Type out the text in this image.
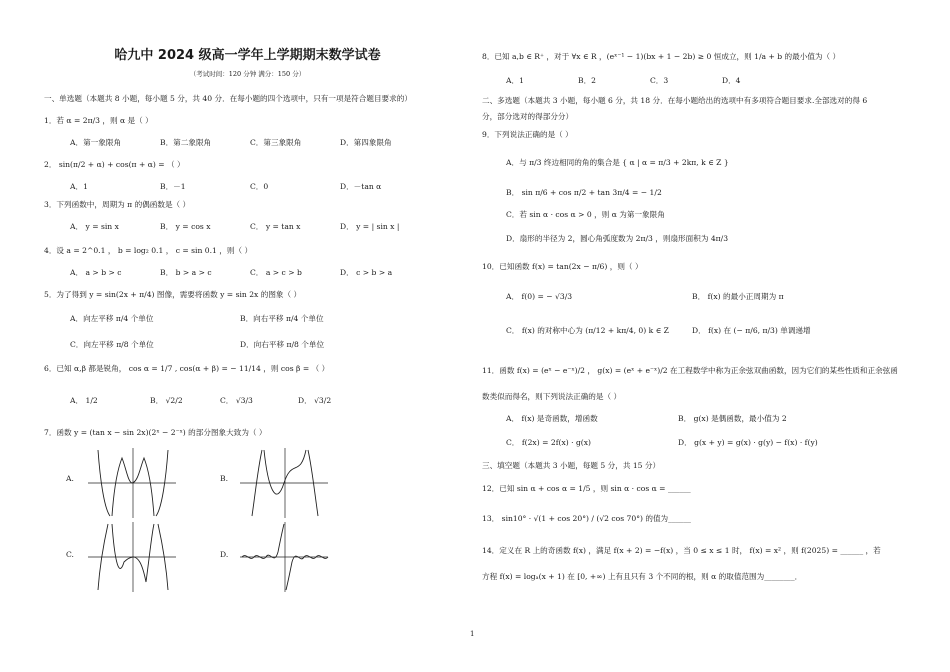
哈九中 2024 级高一学年上学期期末数学试卷
（考试时间：120 分钟 满分：150 分）
一、单选题（本题共 8 小题，每小题 5 分，共 40 分．在每小题的四个选项中，只有一项是符合题目要求的）
1．若 α = 2π/3 ，则 α 是（ ）
A．第一象限角	B．第二象限角	C．第三象限角	D．第四象限角
2． sin(π/2 + α) + cos(π + α) = （ ）
A．1	B．－1	C．0	D．－tan α
3．下列函数中，周期为 π 的偶函数是（ ）
A． y = sin x	B． y = cos x	C． y = tan x	D． y = | sin x |
4．设 a = 2^0.1 ， b = log₂ 0.1 ， c = sin 0.1 ，则（ ）
A． a > b > c	B． b > a > c	C． a > c > b	D． c > b > a
5．为了得到 y = sin(2x + π/4) 图像，需要将函数 y = sin 2x 的图象（ ）
A．向左平移 π/4 个单位	B．向右平移 π/4 个单位
C．向左平移 π/8 个单位	D．向右平移 π/8 个单位
6．已知 α,β 都是锐角， cos α = 1/7 , cos(α + β) = − 11/14 ，则 cos β = （ ）
A． 1/2	B． √2/2	C． √3/3	D． √3/2
7．函数 y = (tan x − sin 2x)(2ˣ − 2⁻ˣ) 的部分图象大致为（ ）
A.	B.
C.	D.
8．已知 a,b ∈ R⁺ ，对于 ∀x ∈ R ，(eˣ⁻¹ − 1)(bx + 1 − 2b) ≥ 0 恒成立，则 1/a + b 的最小值为（ ）
A．1	B．2	C．3	D．4
二、多选题（本题共 3 小题，每小题 6 分，共 18 分．在每小题给出的选项中有多项符合题目要求.全部选对的得 6
分，部分选对的得部分分）
9．下列说法正确的是（ ）
A．与 π/3 终边相同的角的集合是 { α | α = π/3 + 2kπ, k ∈ Z }
B． sin π/6 + cos π/2 + tan 3π/4 = − 1/2
C．若 sin α · cos α > 0 ，则 α 为第一象限角
D．扇形的半径为 2，圆心角弧度数为 2π/3 ，则扇形面积为 4π/3
10．已知函数 f(x) = tan(2x − π/6) ，则（ ）
A． f(0) = − √3/3	B． f(x) 的最小正周期为 π
C． f(x) 的对称中心为 (π/12 + kπ/4, 0) k ∈ Z	D． f(x) 在 (− π/6, π/3) 单调递增
11．函数 f(x) = (eˣ − e⁻ˣ)/2 ， g(x) = (eˣ + e⁻ˣ)/2 在工程数学中称为正余弦双曲函数，因为它们的某些性质和正余弦函
数类似而得名，则下列说法正确的是（ ）
A． f(x) 是奇函数，增函数	B． g(x) 是偶函数，最小值为 2
C． f(2x) = 2f(x) · g(x)	D． g(x + y) = g(x) · g(y) − f(x) · f(y)
三、填空题（本题共 3 小题，每题 5 分，共 15 分）
12．已知 sin α + cos α = 1/5 ，则 sin α · cos α = ______
13． sin10° · √(1 + cos 20°) / (√2 cos 70°) 的值为______
14．定义在 R 上的奇函数 f(x) ，满足 f(x + 2) = −f(x) ，当 0 ≤ x ≤ 1 时， f(x) = x² ，则 f(2025) = ______ ，若
方程 f(x) = logₐ(x + 1) 在 [0, +∞) 上有且只有 3 个不同的根，则 α 的取值范围为________．
1
